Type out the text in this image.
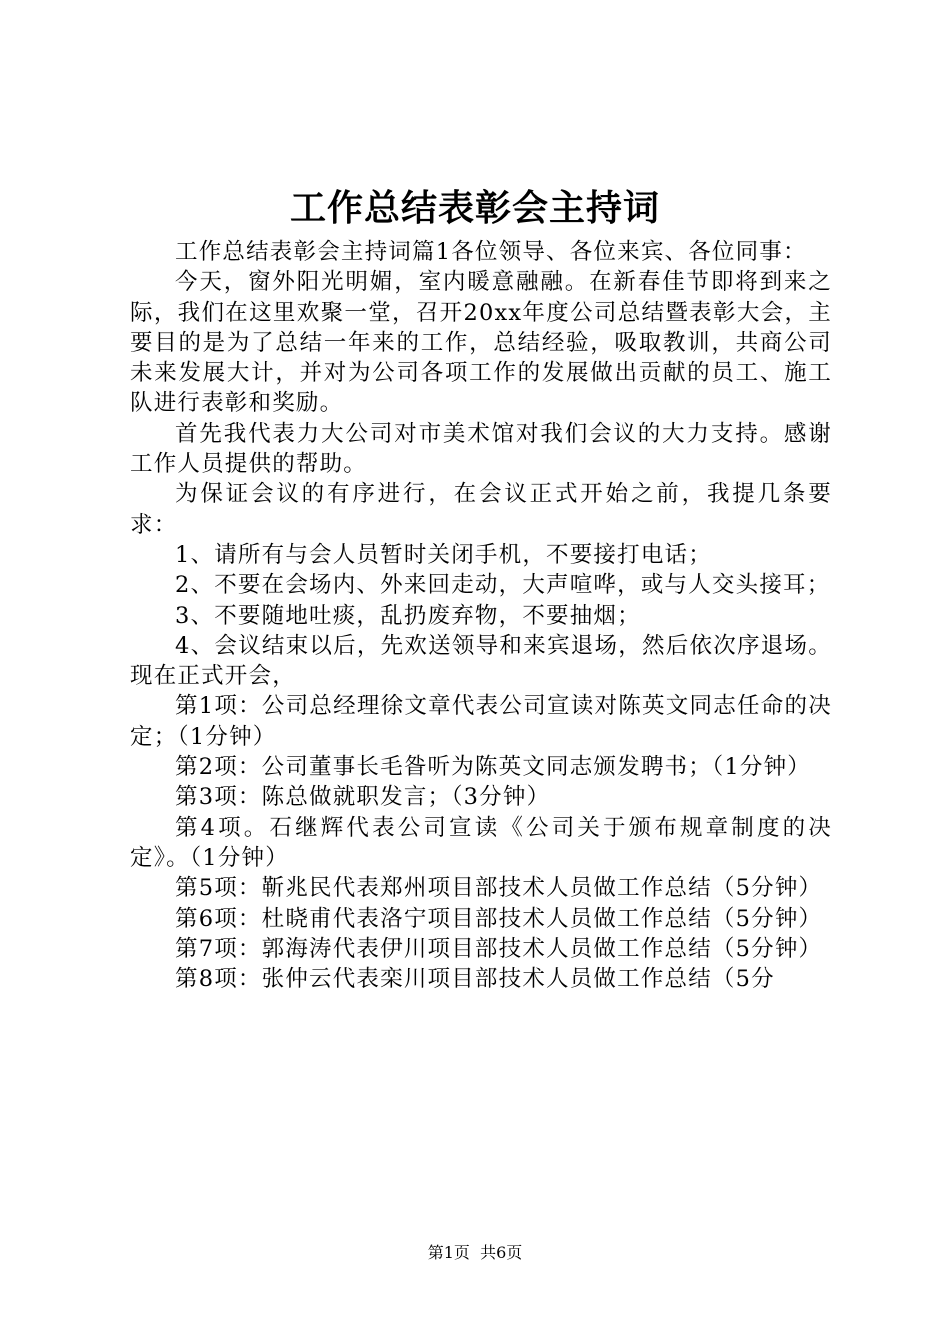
工作总结表彰会主持词

工作总结表彰会主持词篇1各位领导、各位来宾、各位同事：

今天，窗外阳光明媚，室内暖意融融。在新春佳节即将到来之际，我们在这里欢聚一堂，召开20xx年度公司总结暨表彰大会，主要目的是为了总结一年来的工作，总结经验，吸取教训，共商公司未来发展大计，并对为公司各项工作的发展做出贡献的员工、施工队进行表彰和奖励。

首先我代表力大公司对市美术馆对我们会议的大力支持。感谢工作人员提供的帮助。

为保证会议的有序进行，在会议正式开始之前，我提几条要求：

1、请所有与会人员暂时关闭手机，不要接打电话；

2、不要在会场内、外来回走动，大声喧哗，或与人交头接耳；

3、不要随地吐痰，乱扔废弃物，不要抽烟；

4、会议结束以后，先欢送领导和来宾退场，然后依次序退场。现在正式开会，

第1项：公司总经理徐文章代表公司宣读对陈英文同志任命的决定；（1分钟）

第2项：公司董事长毛昝听为陈英文同志颁发聘书；（1分钟）

第3项：陈总做就职发言；（3分钟）

第4项。石继辉代表公司宣读《公司关于颁布规章制度的决定》。（1分钟）

第5项：靳兆民代表郑州项目部技术人员做工作总结（5分钟）

第6项：杜晓甫代表洛宁项目部技术人员做工作总结（5分钟）

第7项：郭海涛代表伊川项目部技术人员做工作总结（5分钟）

第8项：张仲云代表栾川项目部技术人员做工作总结（5分

第1页  共6页
